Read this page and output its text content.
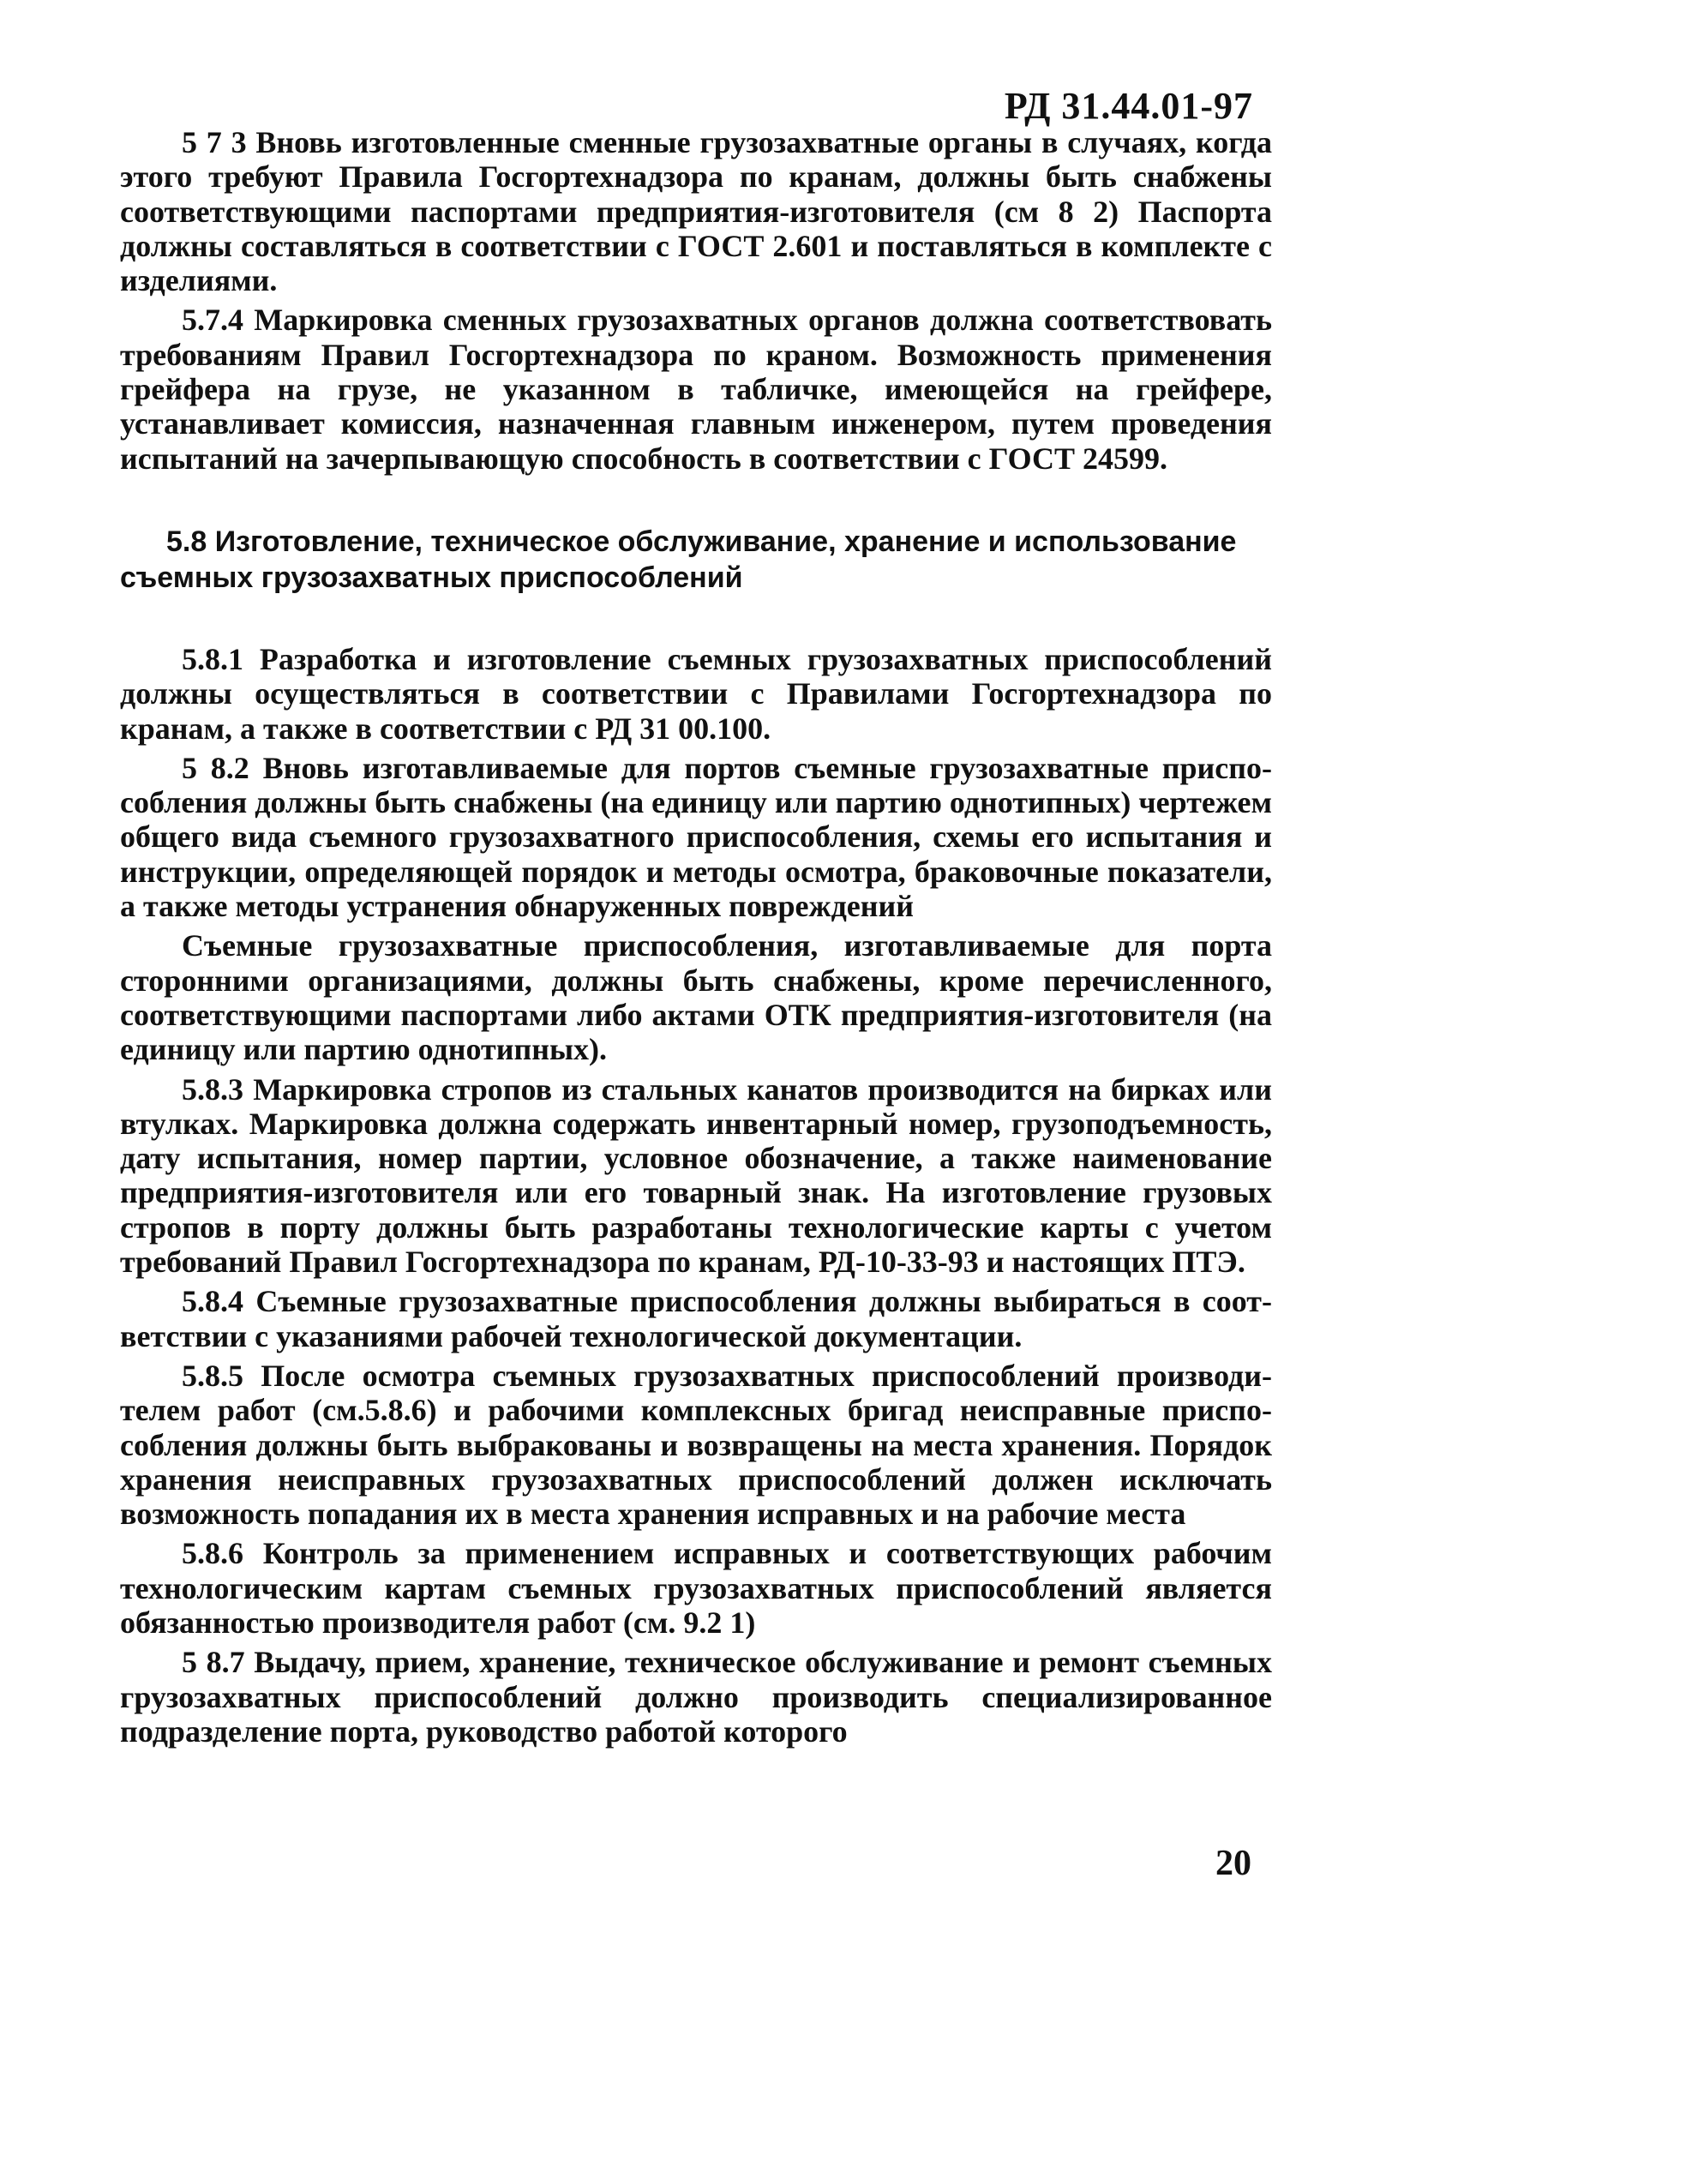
РД 31.44.01-97

5 7 3 Вновь изготовленные сменные грузозахватные органы в случаях, когда этого требуют Правила Госгортехнадзора по кранам, должны быть снабжены соответствующими паспортами предприятия-изготовителя (см 8 2) Паспорта должны составляться в соответствии с ГОСТ 2.601 и поставляться в комплекте с изделиями.

5.7.4 Маркировка сменных грузозахватных органов должна соответствовать требованиям Правил Госгортехнадзора по краном. Возможность применения грейфера на грузе, не указанном в табличке, имеющейся на грейфере, устанавливает комиссия, назначенная главным инженером, путем проведения испытаний на зачерпывающую способность в соответствии с ГОСТ 24599.

5.8 Изготовление, техническое обслуживание, хранение и использование съемных грузозахватных приспособлений

5.8.1 Разработка и изготовление съемных грузозахватных приспособлений должны осуществляться в соответствии с Правилами Госгортехнадзора по кранам, а также в соответствии с РД 31 00.100.

5 8.2 Вновь изготавливаемые для портов съемные грузозахватные приспособления должны быть снабжены (на единицу или партию однотипных) чертежем общего вида съемного грузозахватного приспособления, схемы его испытания и инструкции, определяющей порядок и методы осмотра, браковочные показатели, а также методы устранения обнаруженных повреждений

Съемные грузозахватные приспособления, изготавливаемые для порта сторонними организациями, должны быть снабжены, кроме перечисленного, соответствующими паспортами либо актами ОТК предприятия-изготовителя (на единицу или партию однотипных).

5.8.3 Маркировка стропов из стальных канатов производится на бирках или втулках. Маркировка должна содержать инвентарный номер, грузоподъемность, дату испытания, номер партии, условное обозначение, а также наименование предприятия-изготовителя или его товарный знак. На изготовление грузовых стропов в порту должны быть разработаны технологические карты с учетом требований Правил Госгортехнадзора по кранам, РД-10-33-93 и настоящих ПТЭ.

5.8.4 Съемные грузозахватные приспособления должны выбираться в соответствии с указаниями рабочей технологической документации.

5.8.5 После осмотра съемных грузозахватных приспособлений производителем работ (см.5.8.6) и рабочими комплексных бригад неисправные приспособления должны быть выбракованы и возвращены на места хранения. Порядок хранения неисправных грузозахватных приспособлений должен исключать возможность попадания их в места хранения исправных и на рабочие места

5.8.6 Контроль за применением исправных и соответствующих рабочим технологическим картам съемных грузозахватных приспособлений является обязанностью производителя работ (см. 9.2 1)

5 8.7 Выдачу, прием, хранение, техническое обслуживание и ремонт съемных грузозахватных приспособлений должно производить специализированное подразделение порта, руководство работой которого

20
